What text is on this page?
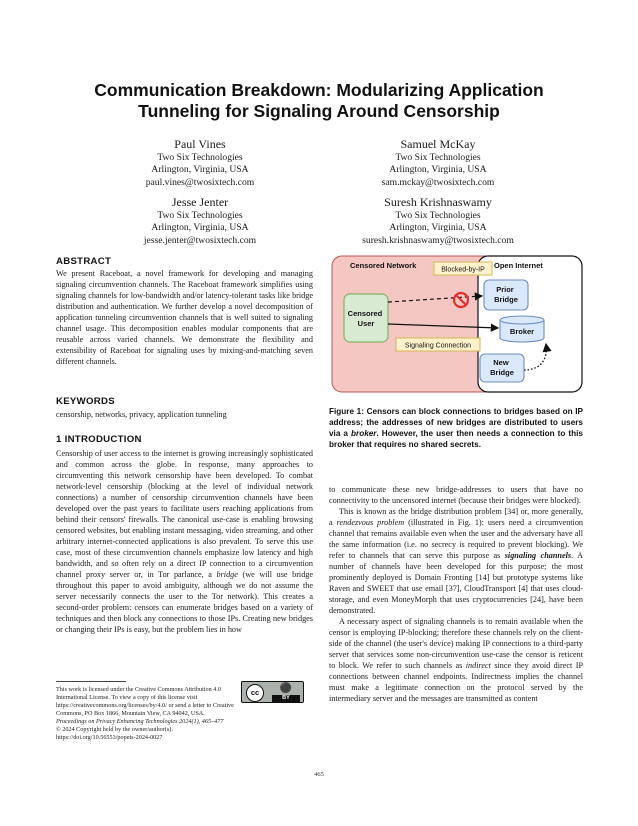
Communication Breakdown: Modularizing Application Tunneling for Signaling Around Censorship
Paul Vines
Two Six Technologies
Arlington, Virginia, USA
paul.vines@twosixtech.com
Samuel McKay
Two Six Technologies
Arlington, Virginia, USA
sam.mckay@twosixtech.com
Jesse Jenter
Two Six Technologies
Arlington, Virginia, USA
jesse.jenter@twosixtech.com
Suresh Krishnaswamy
Two Six Technologies
Arlington, Virginia, USA
suresh.krishnaswamy@twosixtech.com
ABSTRACT
We present Raceboat, a novel framework for developing and managing signaling circumvention channels. The Raceboat framework simplifies using signaling channels for low-bandwidth and/or latency-tolerant tasks like bridge distribution and authentication. We further develop a novel decomposition of application tunneling circumvention channels that is well suited to signaling channel usage. This decomposition enables modular components that are reusable across varied channels. We demonstrate the flexibility and extensibility of Raceboat for signaling uses by mixing-and-matching seven different channels.
KEYWORDS
censorship, networks, privacy, application tunneling
1 INTRODUCTION
Censorship of user access to the internet is growing increasingly sophisticated and common across the globe. In response, many approaches to circumventing this network censorship have been developed. To combat network-level censorship (blocking at the level of individual network connections) a number of censorship circumvention channels have been developed over the past years to facilitate users reaching applications from behind their censors' firewalls. The canonical use-case is enabling browsing censored websites, but enabling instant messaging, video streaming, and other arbitrary internet-connected applications is also prevalent. To serve this use case, most of these circumvention channels emphasize low latency and high bandwidth, and so often rely on a direct IP connection to a circumvention channel proxy server or, in Tor parlance, a bridge (we will use bridge throughout this paper to avoid ambiguity, although we do not assume the server necessarily connects the user to the Tor network). This creates a second-order problem: censors can enumerate bridges based on a variety of techniques and then block any connections to those IPs. Creating new bridges or changing their IPs is easy, but the problem lies in how
Censored Network	Open Internet
Censored User
Blocked-by-IP
Prior Bridge
Broker
Signaling Connection
New Bridge
Figure 1: Censors can block connections to bridges based on IP address; the addresses of new bridges are distributed to users via a broker. However, the user then needs a connection to this broker that requires no shared secrets.
to communicate these new bridge-addresses to users that have no connectivity to the uncensored internet (because their bridges were blocked).
This is known as the bridge distribution problem [34] or, more generally, a rendezvous problem (illustrated in Fig. 1): users need a circumvention channel that remains available even when the user and the adversary have all the same information (i.e. no secrecy is required to prevent blocking). We refer to channels that can serve this purpose as signaling channels. A number of channels have been developed for this purpose; the most prominently deployed is Domain Fronting [14] but prototype systems like Raven and SWEET that use email [37], CloudTransport [4] that uses cloud-storage, and even MoneyMorph that uses cryptocurrencies [24], have been demonstrated.
A necessary aspect of signaling channels is to remain available when the censor is employing IP-blocking; therefore these channels rely on the client-side of the channel (the user's device) making IP connections to a third-party server that services some non-circumvention use-case the censor is reticent to block. We refer to such channels as indirect since they avoid direct IP connections between channel endpoints. Indirectness implies the channel must make a legitimate connection on the protocol served by the intermediary server and the messages are transmitted as content
This work is licensed under the Creative Commons Attribution 4.0 International License. To view a copy of this license visit https://creativecommons.org/licenses/by/4.0/ or send a letter to Creative Commons, PO Box 1866, Mountain View, CA 94042, USA.
cc	⚫
BY
Proceedings on Privacy Enhancing Technologies 2024(1), 465–477
© 2024 Copyright held by the owner/author(s).
https://doi.org/10.56553/popets-2024-0027
465
